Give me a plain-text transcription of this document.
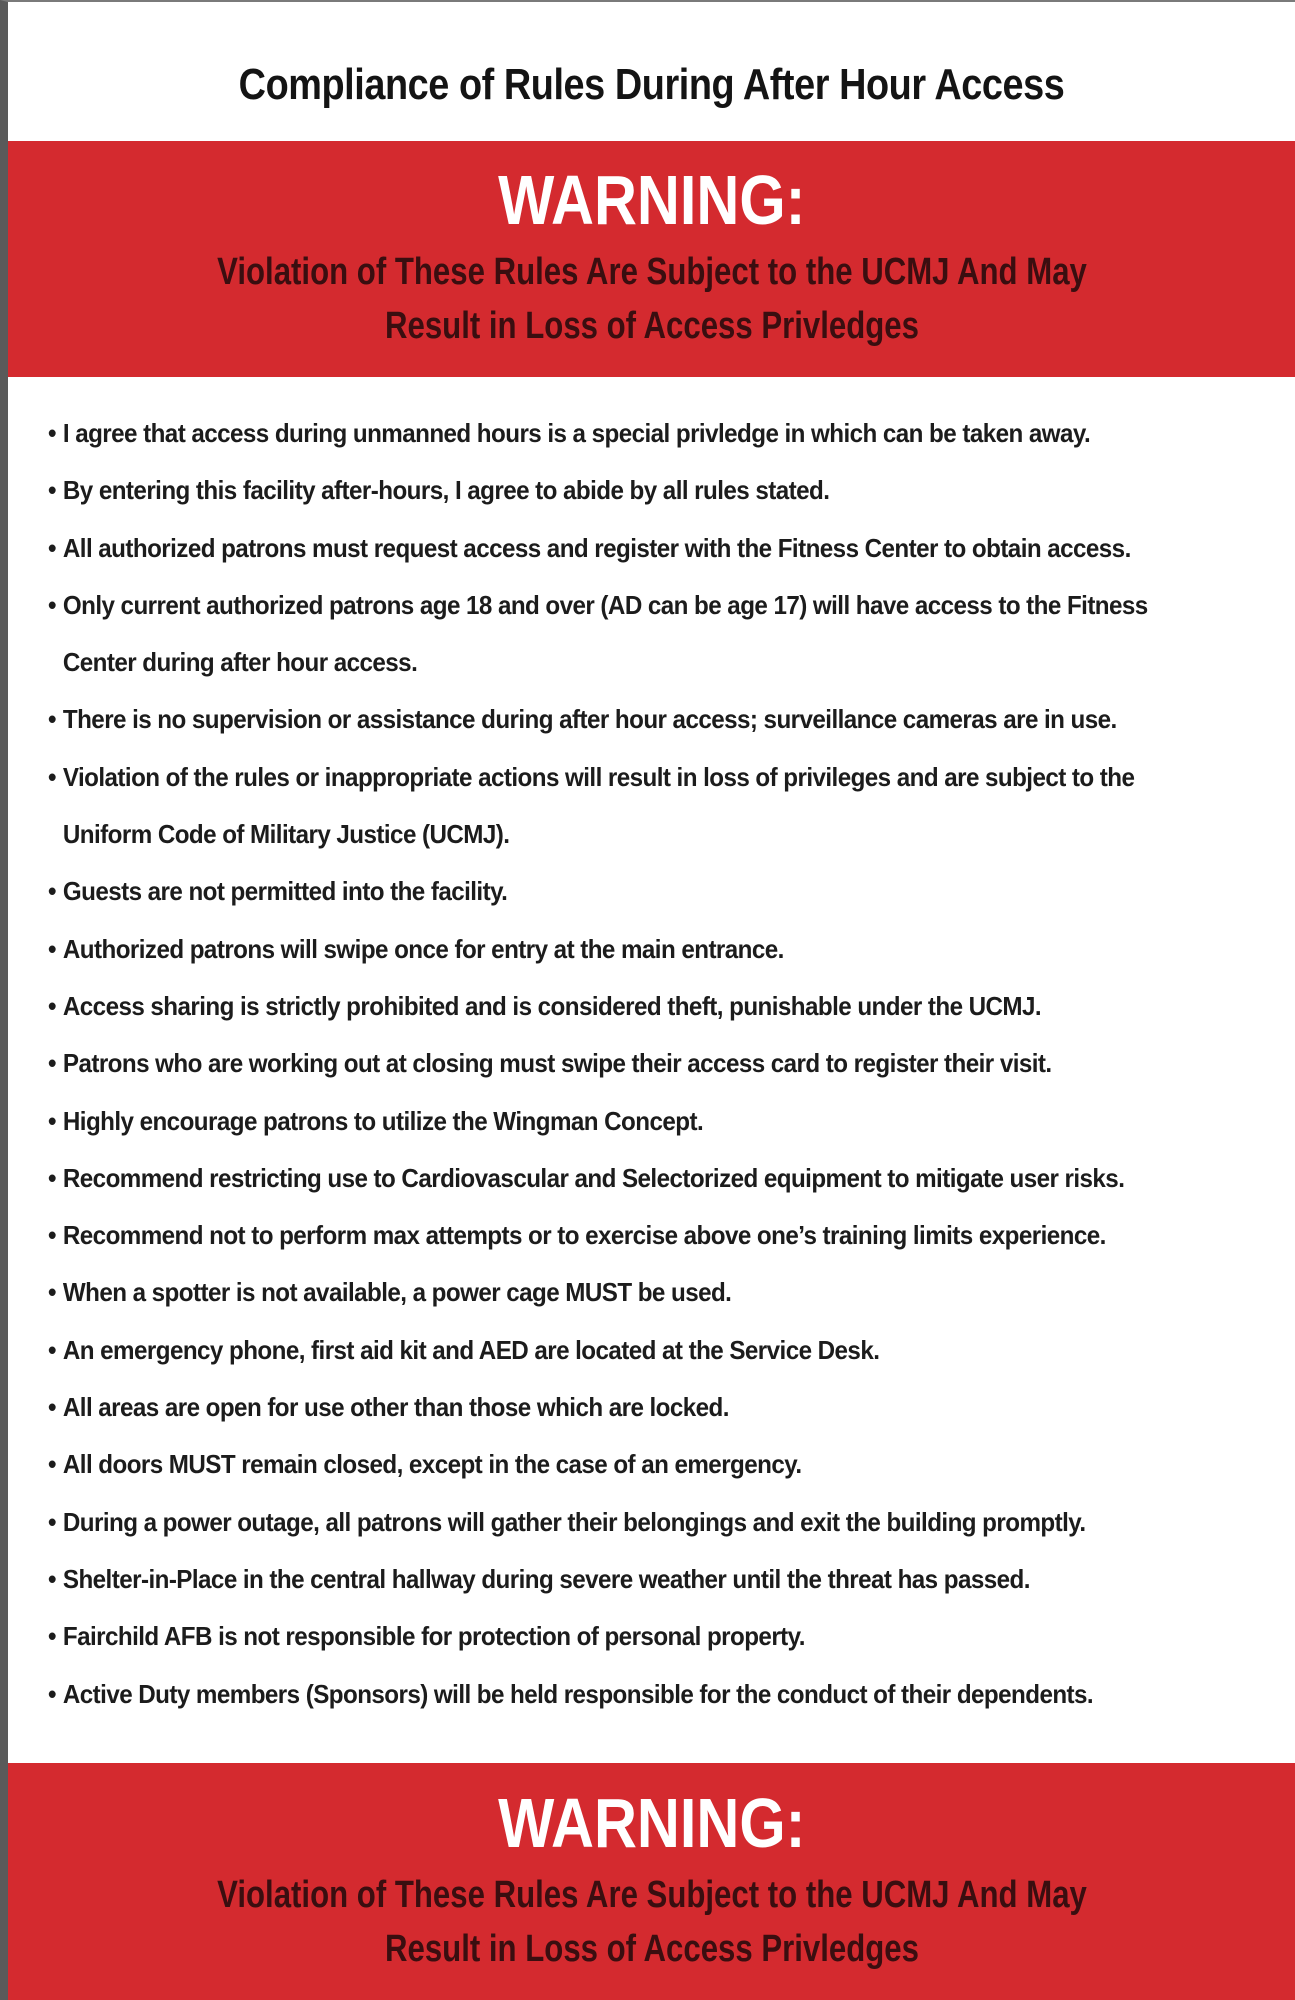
Compliance of Rules During After Hour Access
WARNING:
Violation of These Rules Are Subject to the UCMJ And May
Result in Loss of Access Privledges
• I agree that access during unmanned hours is a special privledge in which can be taken away.
• By entering this facility after-hours, I agree to abide by all rules stated.
• All authorized patrons must request access and register with the Fitness Center to obtain access.
• Only current authorized patrons age 18 and over (AD can be age 17) will have access to the Fitness Center during after hour access.
• There is no supervision or assistance during after hour access; surveillance cameras are in use.
• Violation of the rules or inappropriate actions will result in loss of privileges and are subject to the Uniform Code of Military Justice (UCMJ).
• Guests are not permitted into the facility.
• Authorized patrons will swipe once for entry at the main entrance.
• Access sharing is strictly prohibited and is considered theft, punishable under the UCMJ.
• Patrons who are working out at closing must swipe their access card to register their visit.
• Highly encourage patrons to utilize the Wingman Concept.
• Recommend restricting use to Cardiovascular and Selectorized equipment to mitigate user risks.
• Recommend not to perform max attempts or to exercise above one’s training limits experience.
• When a spotter is not available, a power cage MUST be used.
• An emergency phone, first aid kit and AED are located at the Service Desk.
• All areas are open for use other than those which are locked.
• All doors MUST remain closed, except in the case of an emergency.
• During a power outage, all patrons will gather their belongings and exit the building promptly.
• Shelter-in-Place in the central hallway during severe weather until the threat has passed.
• Fairchild AFB is not responsible for protection of personal property.
• Active Duty members (Sponsors) will be held responsible for the conduct of their dependents.
WARNING:
Violation of These Rules Are Subject to the UCMJ And May
Result in Loss of Access Privledges
